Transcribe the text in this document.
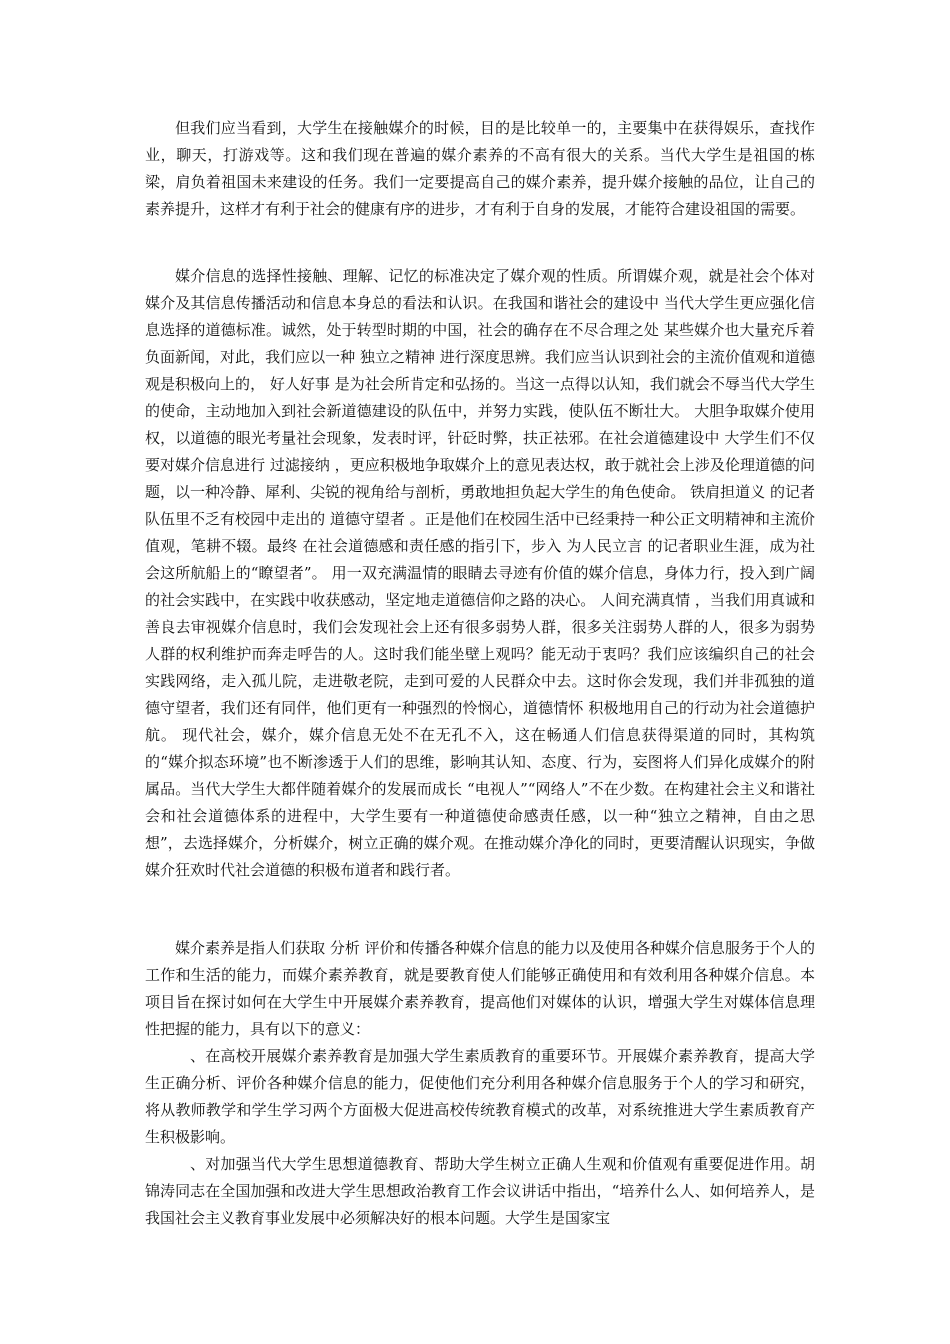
但我们应当看到，大学生在接触媒介的时候，目的是比较单一的，主要集中在获得娱乐，查找作业，聊天，打游戏等。这和我们现在普遍的媒介素养的不高有很大的关系。当代大学生是祖国的栋梁，肩负着祖国未来建设的任务。我们一定要提高自己的媒介素养，提升媒介接触的品位，让自己的素养提升，这样才有利于社会的健康有序的进步，才有利于自身的发展，才能符合建设祖国的需要。

媒介信息的选择性接触、理解、记忆的标准决定了媒介观的性质。所谓媒介观，就是社会个体对媒介及其信息传播活动和信息本身总的看法和认识。在我国和谐社会的建设中 当代大学生更应强化信息选择的道德标准。诚然，处于转型时期的中国，社会的确存在不尽合理之处 某些媒介也大量充斥着负面新闻，对此，我们应以一种 独立之精神 进行深度思辨。我们应当认识到社会的主流价值观和道德观是积极向上的， 好人好事 是为社会所肯定和弘扬的。当这一点得以认知，我们就会不辱当代大学生的使命，主动地加入到社会新道德建设的队伍中，并努力实践，使队伍不断壮大。 大胆争取媒介使用权，以道德的眼光考量社会现象，发表时评，针砭时弊，扶正祛邪。在社会道德建设中 大学生们不仅要对媒介信息进行 过滤接纳 ，更应积极地争取媒介上的意见表达权，敢于就社会上涉及伦理道德的问题，以一种冷静、犀利、尖锐的视角给与剖析，勇敢地担负起大学生的角色使命。 铁肩担道义 的记者队伍里不乏有校园中走出的 道德守望者 。正是他们在校园生活中已经秉持一种公正文明精神和主流价值观，笔耕不辍。最终 在社会道德感和责任感的指引下，步入 为人民立言 的记者职业生涯，成为社会这所航船上的“瞭望者”。 用一双充满温情的眼睛去寻迹有价值的媒介信息，身体力行，投入到广阔的社会实践中，在实践中收获感动，坚定地走道德信仰之路的决心。 人间充满真情 ，当我们用真诚和善良去审视媒介信息时，我们会发现社会上还有很多弱势人群，很多关注弱势人群的人，很多为弱势人群的权利维护而奔走呼告的人。这时我们能坐壁上观吗？能无动于衷吗？我们应该编织自己的社会实践网络，走入孤儿院，走进敬老院，走到可爱的人民群众中去。这时你会发现，我们并非孤独的道德守望者，我们还有同伴，他们更有一种强烈的怜悯心，道德情怀 积极地用自己的行动为社会道德护航。 现代社会，媒介，媒介信息无处不在无孔不入，这在畅通人们信息获得渠道的同时，其构筑的“媒介拟态环境”也不断渗透于人们的思维，影响其认知、态度、行为，妄图将人们异化成媒介的附属品。当代大学生大都伴随着媒介的发展而成长 “电视人”“网络人”不在少数。在构建社会主义和谐社会和社会道德体系的进程中，大学生要有一种道德使命感责任感，以一种“独立之精神，自由之思想”，去选择媒介，分析媒介，树立正确的媒介观。在推动媒介净化的同时，更要清醒认识现实，争做媒介狂欢时代社会道德的积极布道者和践行者。

媒介素养是指人们获取 分析 评价和传播各种媒介信息的能力以及使用各种媒介信息服务于个人的工作和生活的能力，而媒介素养教育，就是要教育使人们能够正确使用和有效利用各种媒介信息。本项目旨在探讨如何在大学生中开展媒介素养教育，提高他们对媒体的认识，增强大学生对媒体信息理性把握的能力，具有以下的意义：

、在高校开展媒介素养教育是加强大学生素质教育的重要环节。开展媒介素养教育，提高大学生正确分析、评价各种媒介信息的能力，促使他们充分利用各种媒介信息服务于个人的学习和研究，将从教师教学和学生学习两个方面极大促进高校传统教育模式的改革，对系统推进大学生素质教育产生积极影响。

、对加强当代大学生思想道德教育、帮助大学生树立正确人生观和价值观有重要促进作用。胡锦涛同志在全国加强和改进大学生思想政治教育工作会议讲话中指出，“培养什么人、如何培养人，是我国社会主义教育事业发展中必须解决好的根本问题。大学生是国家宝
